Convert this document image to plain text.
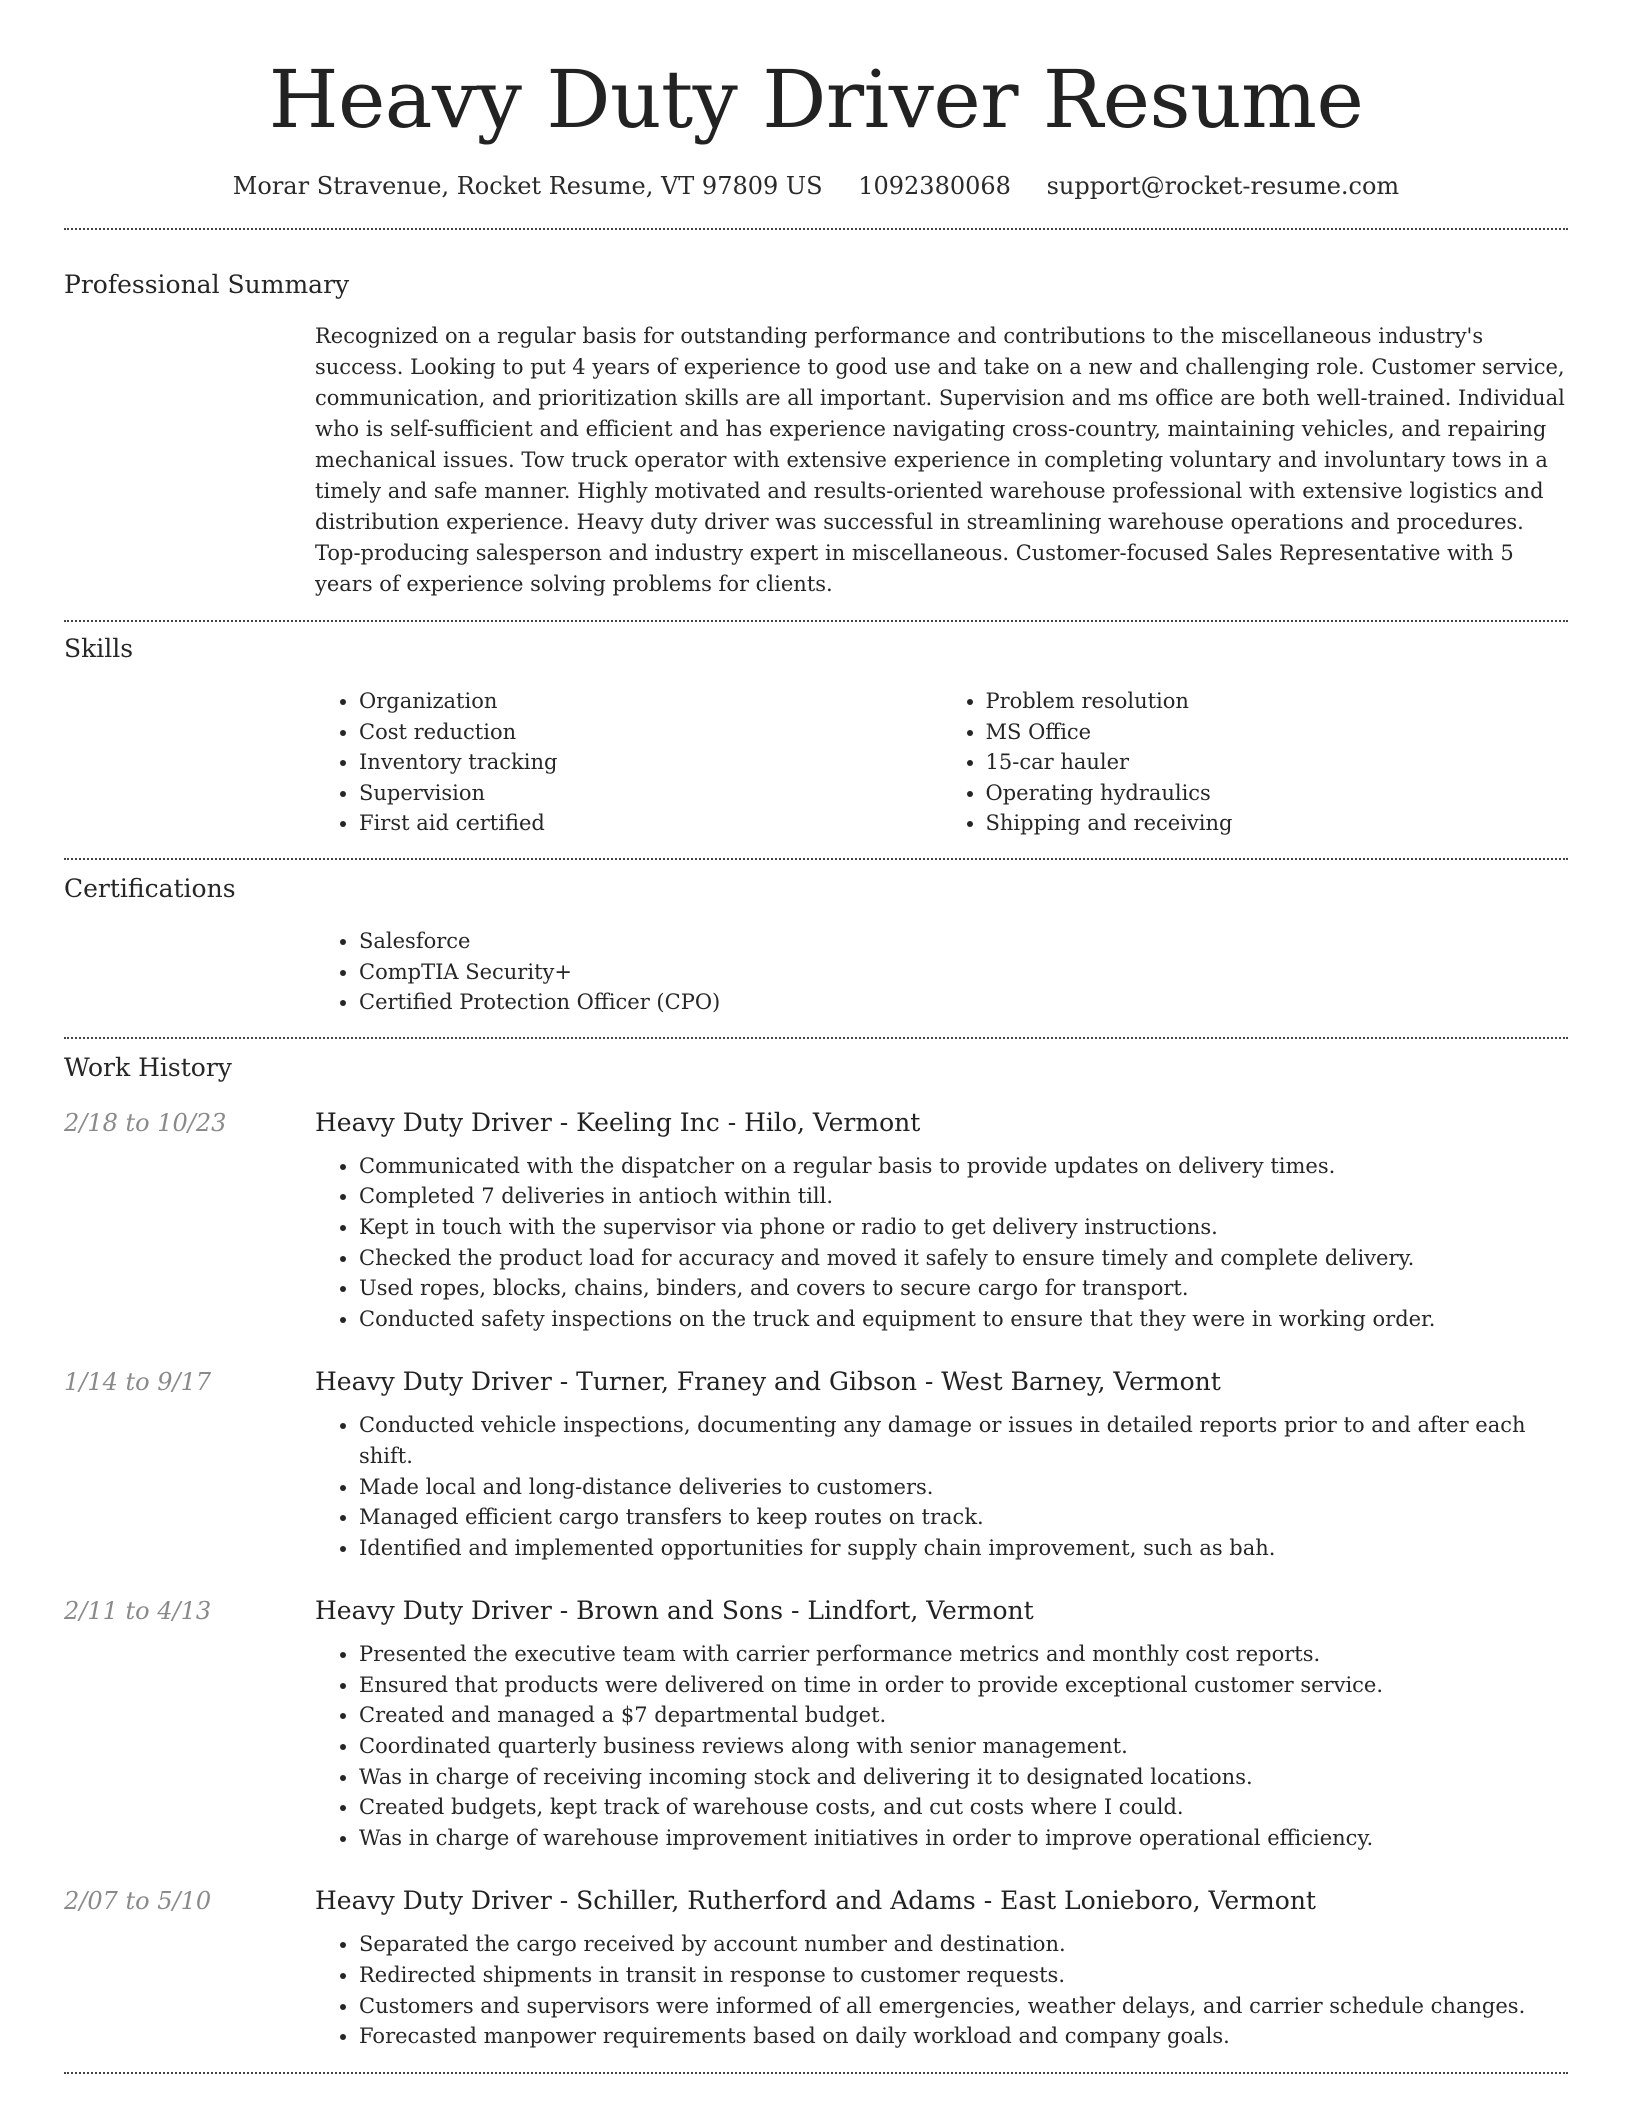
Heavy Duty Driver Resume
Morar Stravenue, Rocket Resume, VT 97809 US 1092380068 support@rocket-resume.com
Professional Summary

Recognized on a regular basis for outstanding performance and contributions to the miscellaneous industry's success. Looking to put 4 years of experience to good use and take on a new and challenging role. Customer service, communication, and prioritization skills are all important. Supervision and ms office are both well-trained. Individual who is self-sufficient and efficient and has experience navigating cross-country, maintaining vehicles, and repairing mechanical issues. Tow truck operator with extensive experience in completing voluntary and involuntary tows in a timely and safe manner. Highly motivated and results-oriented warehouse professional with extensive logistics and distribution experience. Heavy duty driver was successful in streamlining warehouse operations and procedures. Top-producing salesperson and industry expert in miscellaneous. Customer-focused Sales Representative with 5 years of experience solving problems for clients.

Skills
• Organization
• Cost reduction
• Inventory tracking
• Supervision
• First aid certified
• Problem resolution
• MS Office
• 15-car hauler
• Operating hydraulics
• Shipping and receiving
Certifications
• Salesforce
• CompTIA Security+
• Certified Protection Officer (CPO)
Work History
2/18 to 10/23	Heavy Duty Driver - Keeling Inc - Hilo, Vermont
• Communicated with the dispatcher on a regular basis to provide updates on delivery times.
• Completed 7 deliveries in antioch within till.
• Kept in touch with the supervisor via phone or radio to get delivery instructions.
• Checked the product load for accuracy and moved it safely to ensure timely and complete delivery.
• Used ropes, blocks, chains, binders, and covers to secure cargo for transport.
• Conducted safety inspections on the truck and equipment to ensure that they were in working order.
1/14 to 9/17	Heavy Duty Driver - Turner, Franey and Gibson - West Barney, Vermont
• Conducted vehicle inspections, documenting any damage or issues in detailed reports prior to and after each shift.
• Made local and long-distance deliveries to customers.
• Managed efficient cargo transfers to keep routes on track.
• Identified and implemented opportunities for supply chain improvement, such as bah.
2/11 to 4/13	Heavy Duty Driver - Brown and Sons - Lindfort, Vermont
• Presented the executive team with carrier performance metrics and monthly cost reports.
• Ensured that products were delivered on time in order to provide exceptional customer service.
• Created and managed a $7 departmental budget.
• Coordinated quarterly business reviews along with senior management.
• Was in charge of receiving incoming stock and delivering it to designated locations.
• Created budgets, kept track of warehouse costs, and cut costs where I could.
• Was in charge of warehouse improvement initiatives in order to improve operational efficiency.
2/07 to 5/10	Heavy Duty Driver - Schiller, Rutherford and Adams - East Lonieboro, Vermont
• Separated the cargo received by account number and destination.
• Redirected shipments in transit in response to customer requests.
• Customers and supervisors were informed of all emergencies, weather delays, and carrier schedule changes.
• Forecasted manpower requirements based on daily workload and company goals.
